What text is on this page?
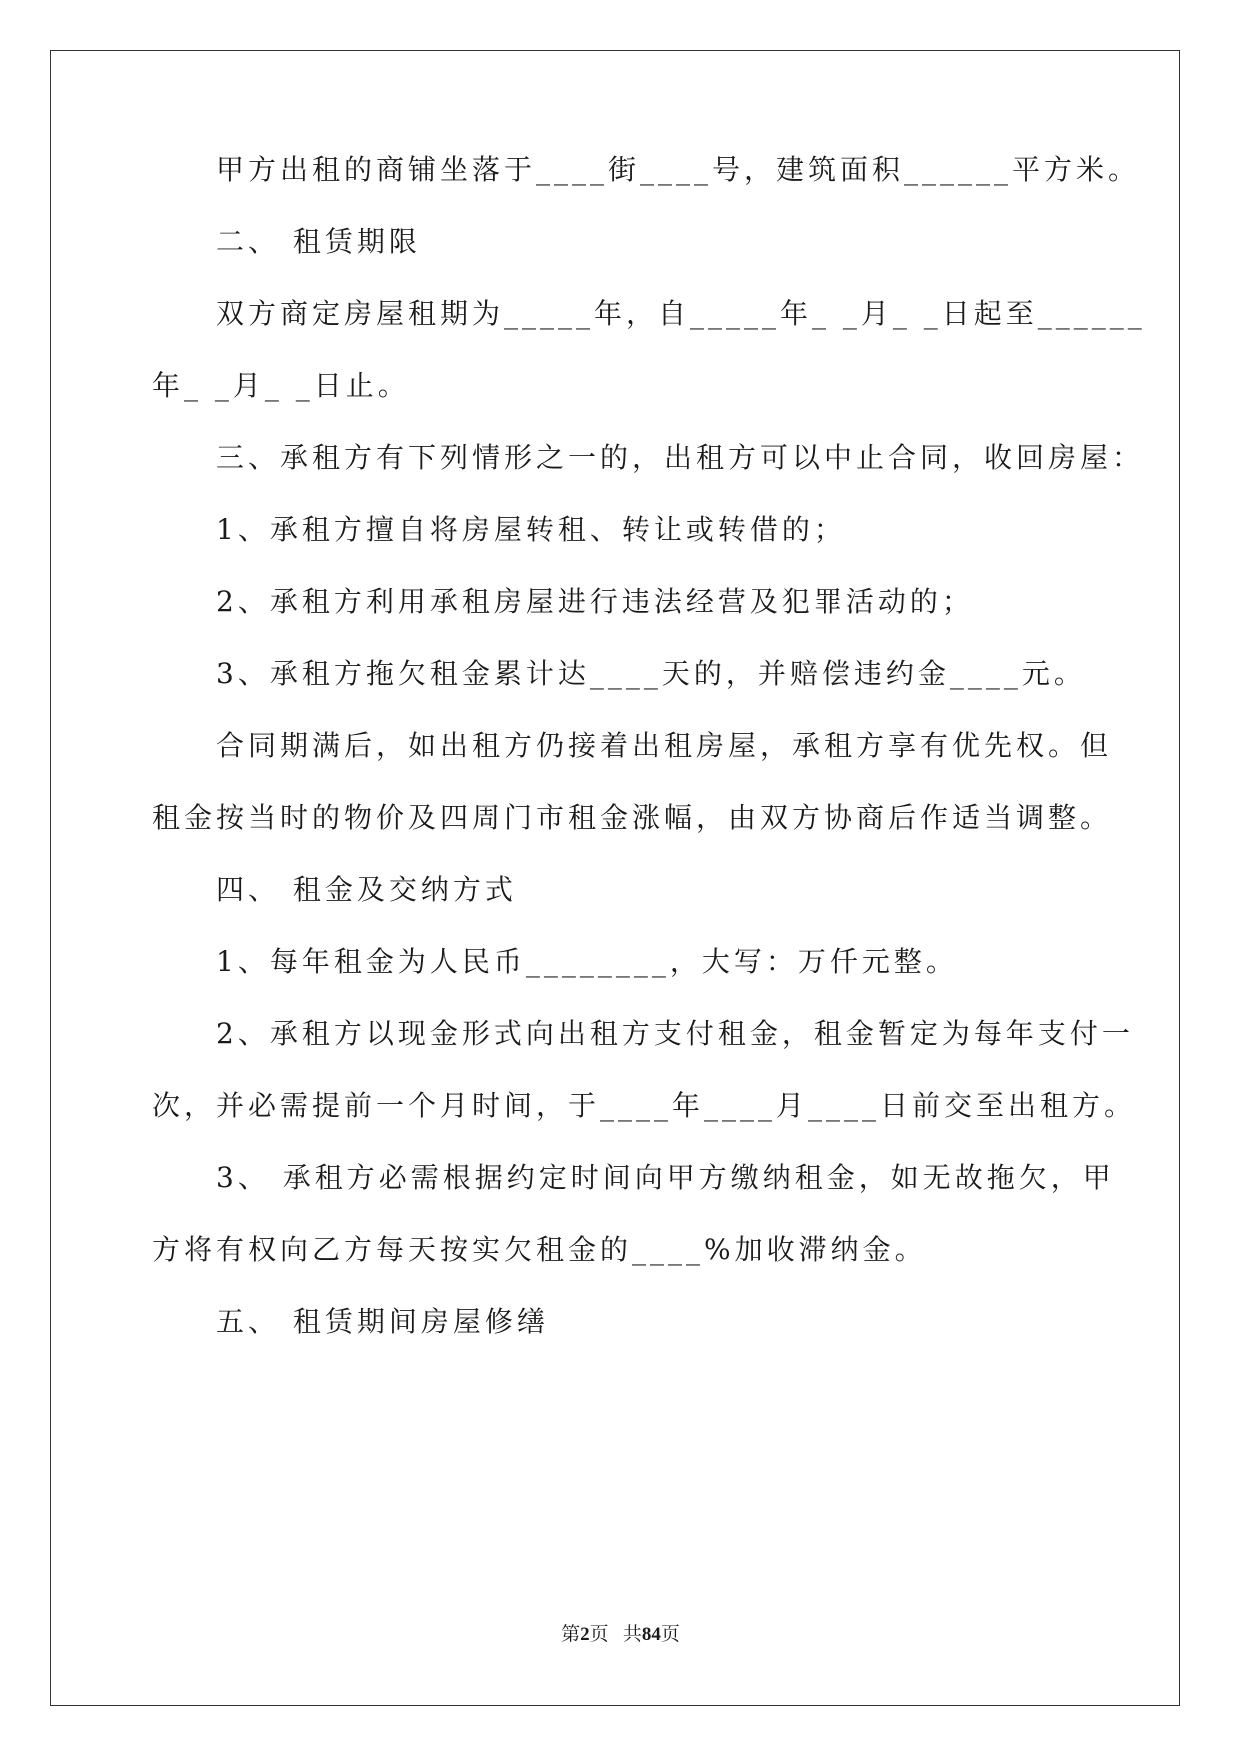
甲方出租的商铺坐落于____街____号，建筑面积______平方米。
二、 租赁期限
双方商定房屋租期为_____年，自_____年_ _月_ _日起至______
年_ _月_ _日止。
三、承租方有下列情形之一的，出租方可以中止合同，收回房屋：
1、承租方擅自将房屋转租、转让或转借的；
2、承租方利用承租房屋进行违法经营及犯罪活动的；
3、承租方拖欠租金累计达____天的，并赔偿违约金____元。
合同期满后，如出租方仍接着出租房屋，承租方享有优先权。但
租金按当时的物价及四周门市租金涨幅，由双方协商后作适当调整。
四、 租金及交纳方式
1、每年租金为人民币________，大写：万仟元整。
2、承租方以现金形式向出租方支付租金，租金暂定为每年支付一
次，并必需提前一个月时间，于____年____月____日前交至出租方。
3、 承租方必需根据约定时间向甲方缴纳租金，如无故拖欠，甲
方将有权向乙方每天按实欠租金的____%加收滞纳金。
五、 租赁期间房屋修缮
第2页   共84页
